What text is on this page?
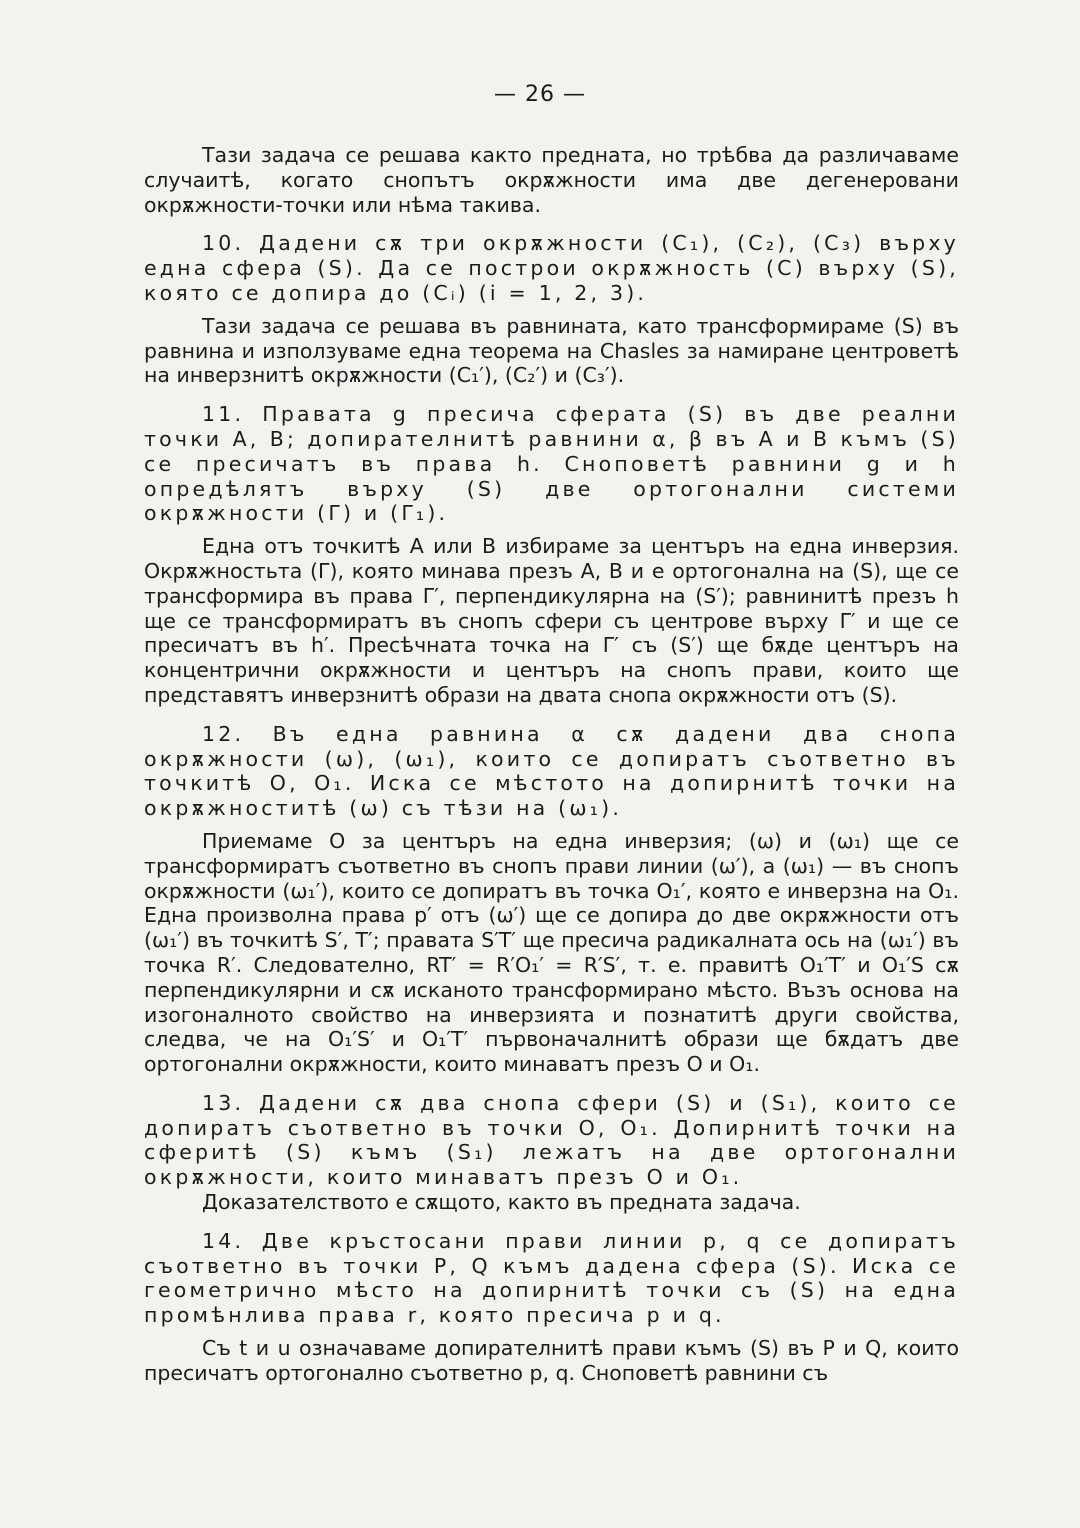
— 26 —

Тази задача се решава както предната, но трѣбва да различаваме случаитѣ, когато снопътъ окрѫжности има две дегенеровани окрѫжности-точки или нѣма такива.

10. Дадени сѫ три окрѫжности (C₁), (C₂), (C₃) върху една сфера (S). Да се построи окрѫжность (C) върху (S), която се допира до (Cᵢ) (i = 1, 2, 3).

Тази задача се решава въ равнината, като трансформираме (S) въ равнина и използуваме една теорема на Chasles за намиране центроветѣ на инверзнитѣ окрѫжности (C₁′), (C₂′) и (C₃′).

11. Правата g пресича сферата (S) въ две реални точки A, B; допирателнитѣ равнини α, β въ A и B къмъ (S) се пресичатъ въ права h. Сноповетѣ равнини g и h опредѣлятъ върху (S) две ортогонални системи окрѫжности (Γ) и (Γ₁).

Една отъ точкитѣ A или B избираме за центъръ на една инверзия. Окрѫжностьта (Γ), която минава презъ A, B и е ортогонална на (S), ще се трансформира въ права Γ′, перпендикулярна на (S′); равнинитѣ презъ h ще се трансформиратъ въ снопъ сфери съ центрове върху Γ′ и ще се пресичатъ въ h′. Пресѣчната точка на Γ′ съ (S′) ще бѫде центъръ на концентрични окрѫжности и центъръ на снопъ прави, които ще представятъ инверзнитѣ образи на двата снопа окрѫжности отъ (S).

12. Въ една равнина α сѫ дадени два снопа окрѫжности (ω), (ω₁), които се допиратъ съответно въ точкитѣ O, O₁. Иска се мѣстото на допирнитѣ точки на окрѫжноститѣ (ω) съ тѣзи на (ω₁).

Приемаме O за центъръ на една инверзия; (ω) и (ω₁) ще се трансформиратъ съответно въ снопъ прави линии (ω′), а (ω₁) — въ снопъ окрѫжности (ω₁′), които се допиратъ въ точка O₁′, която е инверзна на O₁. Една произволна права p′ отъ (ω′) ще се допира до две окрѫжности отъ (ω₁′) въ точкитѣ S′, T′; правата S′T′ ще пресича радикалната ось на (ω₁′) въ точка R′. Следователно, RT′ = R′O₁′ = R′S′, т. е. правитѣ O₁′T′ и O₁′S сѫ перпендикулярни и сѫ исканото трансформирано мѣсто. Възъ основа на изогоналното свойство на инверзията и познатитѣ други свойства, следва, че на O₁′S′ и O₁′T′ първоначалнитѣ образи ще бѫдатъ две ортогонални окрѫжности, които минаватъ презъ O и O₁.

13. Дадени сѫ два снопа сфери (S) и (S₁), които се допиратъ съответно въ точки O, O₁. Допирнитѣ точки на сферитѣ (S) къмъ (S₁) лежатъ на две ортогонални окрѫжности, които минаватъ презъ O и O₁.

Доказателството е сѫщото, както въ предната задача.

14. Две кръстосани прави линии p, q се допиратъ съответно въ точки P, Q къмъ дадена сфера (S). Иска се геометрично мѣсто на допирнитѣ точки съ (S) на една промѣнлива права r, която пресича p и q.

Съ t и u означаваме допирателнитѣ прави къмъ (S) въ P и Q, които пресичатъ ортогонално съответно p, q. Сноповетѣ равнини съ
